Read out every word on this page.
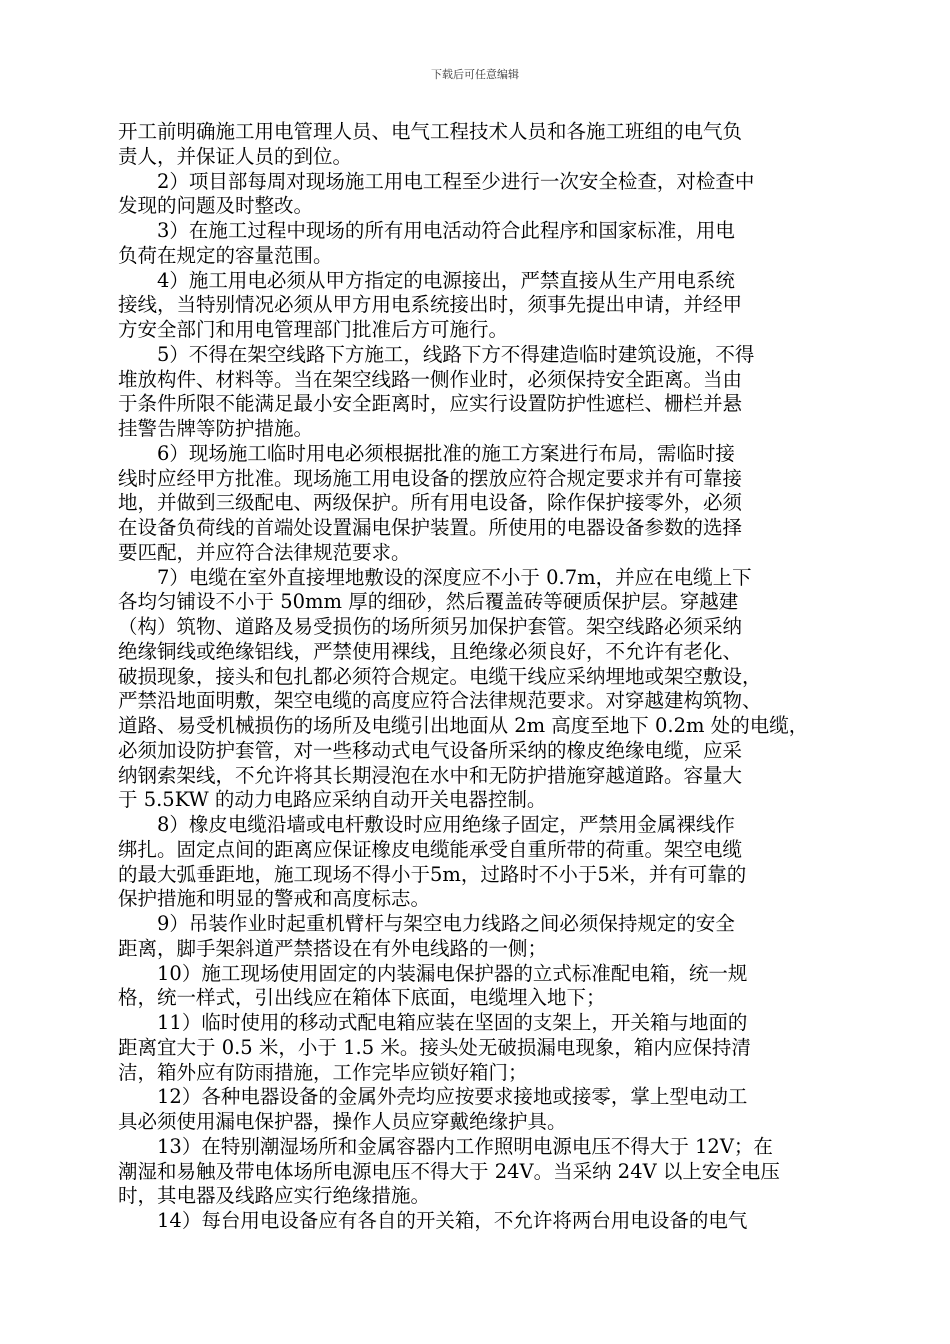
下载后可任意编辑
开工前明确施工用电管理人员、电气工程技术人员和各施工班组的电气负
责人，并保证人员的到位。
2）项目部每周对现场施工用电工程至少进行一次安全检查，对检查中
发现的问题及时整改。
3）在施工过程中现场的所有用电活动符合此程序和国家标准，用电
负荷在规定的容量范围。
4）施工用电必须从甲方指定的电源接出，严禁直接从生产用电系统
接线，当特别情况必须从甲方用电系统接出时，须事先提出申请，并经甲
方安全部门和用电管理部门批准后方可施行。
5）不得在架空线路下方施工，线路下方不得建造临时建筑设施，不得
堆放构件、材料等。当在架空线路一侧作业时，必须保持安全距离。当由
于条件所限不能满足最小安全距离时，应实行设置防护性遮栏、栅栏并悬
挂警告牌等防护措施。
6）现场施工临时用电必须根据批准的施工方案进行布局，需临时接
线时应经甲方批准。现场施工用电设备的摆放应符合规定要求并有可靠接
地，并做到三级配电、两级保护。所有用电设备，除作保护接零外，必须
在设备负荷线的首端处设置漏电保护装置。所使用的电器设备参数的选择
要匹配，并应符合法律规范要求。
7）电缆在室外直接埋地敷设的深度应不小于 0.7m，并应在电缆上下
各均匀铺设不小于 50mm 厚的细砂，然后覆盖砖等硬质保护层。穿越建
（构）筑物、道路及易受损伤的场所须另加保护套管。架空线路必须采纳
绝缘铜线或绝缘铝线，严禁使用裸线，且绝缘必须良好，不允许有老化、
破损现象，接头和包扎都必须符合规定。电缆干线应采纳埋地或架空敷设，
严禁沿地面明敷，架空电缆的高度应符合法律规范要求。对穿越建构筑物、
道路、易受机械损伤的场所及电缆引出地面从 2m 高度至地下 0.2m 处的电缆，
必须加设防护套管，对一些移动式电气设备所采纳的橡皮绝缘电缆，应采
纳钢索架线，不允许将其长期浸泡在水中和无防护措施穿越道路。容量大
于 5.5KW 的动力电路应采纳自动开关电器控制。
8）橡皮电缆沿墙或电杆敷设时应用绝缘子固定，严禁用金属裸线作
绑扎。固定点间的距离应保证橡皮电缆能承受自重所带的荷重。架空电缆
的最大弧垂距地，施工现场不得小于5m，过路时不小于5米，并有可靠的
保护措施和明显的警戒和高度标志。
9）吊装作业时起重机臂杆与架空电力线路之间必须保持规定的安全
距离，脚手架斜道严禁搭设在有外电线路的一侧；
10）施工现场使用固定的内装漏电保护器的立式标准配电箱，统一规
格，统一样式，引出线应在箱体下底面，电缆埋入地下；
11）临时使用的移动式配电箱应装在坚固的支架上，开关箱与地面的
距离宜大于 0.5 米，小于 1.5 米。接头处无破损漏电现象，箱内应保持清
洁，箱外应有防雨措施，工作完毕应锁好箱门；
12）各种电器设备的金属外壳均应按要求接地或接零，掌上型电动工
具必须使用漏电保护器，操作人员应穿戴绝缘护具。
13）在特别潮湿场所和金属容器内工作照明电源电压不得大于 12V；在
潮湿和易触及带电体场所电源电压不得大于 24V。当采纳 24V 以上安全电压
时，其电器及线路应实行绝缘措施。
14）每台用电设备应有各自的开关箱，不允许将两台用电设备的电气
